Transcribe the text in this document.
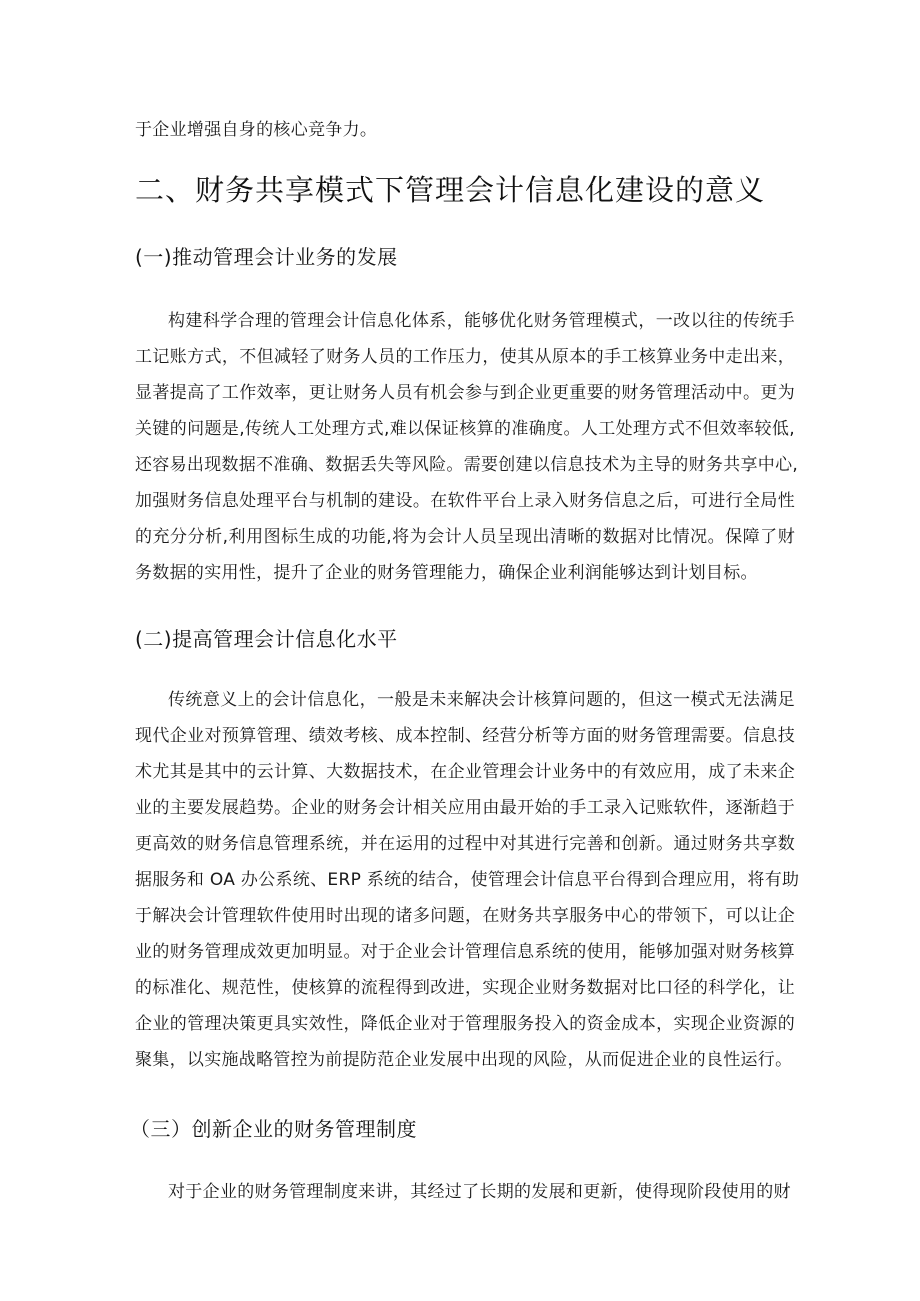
于企业增强自身的核心竞争力。
二、财务共享模式下管理会计信息化建设的意义
(一)推动管理会计业务的发展
构建科学合理的管理会计信息化体系，能够优化财务管理模式，一改以往的传统手
工记账方式，不但减轻了财务人员的工作压力，使其从原本的手工核算业务中走出来，
显著提高了工作效率，更让财务人员有机会参与到企业更重要的财务管理活动中。更为
关键的问题是,传统人工处理方式,难以保证核算的准确度。人工处理方式不但效率较低,
还容易出现数据不准确、数据丢失等风险。需要创建以信息技术为主导的财务共享中心,
加强财务信息处理平台与机制的建设。在软件平台上录入财务信息之后，可进行全局性
的充分分析,利用图标生成的功能,将为会计人员呈现出清晰的数据对比情况。保障了财
务数据的实用性，提升了企业的财务管理能力，确保企业利润能够达到计划目标。
(二)提高管理会计信息化水平
传统意义上的会计信息化，一般是未来解决会计核算问题的，但这一模式无法满足
现代企业对预算管理、绩效考核、成本控制、经营分析等方面的财务管理需要。信息技
术尤其是其中的云计算、大数据技术，在企业管理会计业务中的有效应用，成了未来企
业的主要发展趋势。企业的财务会计相关应用由最开始的手工录入记账软件，逐渐趋于
更高效的财务信息管理系统，并在运用的过程中对其进行完善和创新。通过财务共享数
据服务和 OA 办公系统、ERP 系统的结合，使管理会计信息平台得到合理应用，将有助
于解决会计管理软件使用时出现的诸多问题，在财务共享服务中心的带领下，可以让企
业的财务管理成效更加明显。对于企业会计管理信息系统的使用，能够加强对财务核算
的标准化、规范性，使核算的流程得到改进，实现企业财务数据对比口径的科学化，让
企业的管理决策更具实效性，降低企业对于管理服务投入的资金成本，实现企业资源的
聚集，以实施战略管控为前提防范企业发展中出现的风险，从而促进企业的良性运行。
（三）创新企业的财务管理制度
对于企业的财务管理制度来讲，其经过了长期的发展和更新，使得现阶段使用的财
